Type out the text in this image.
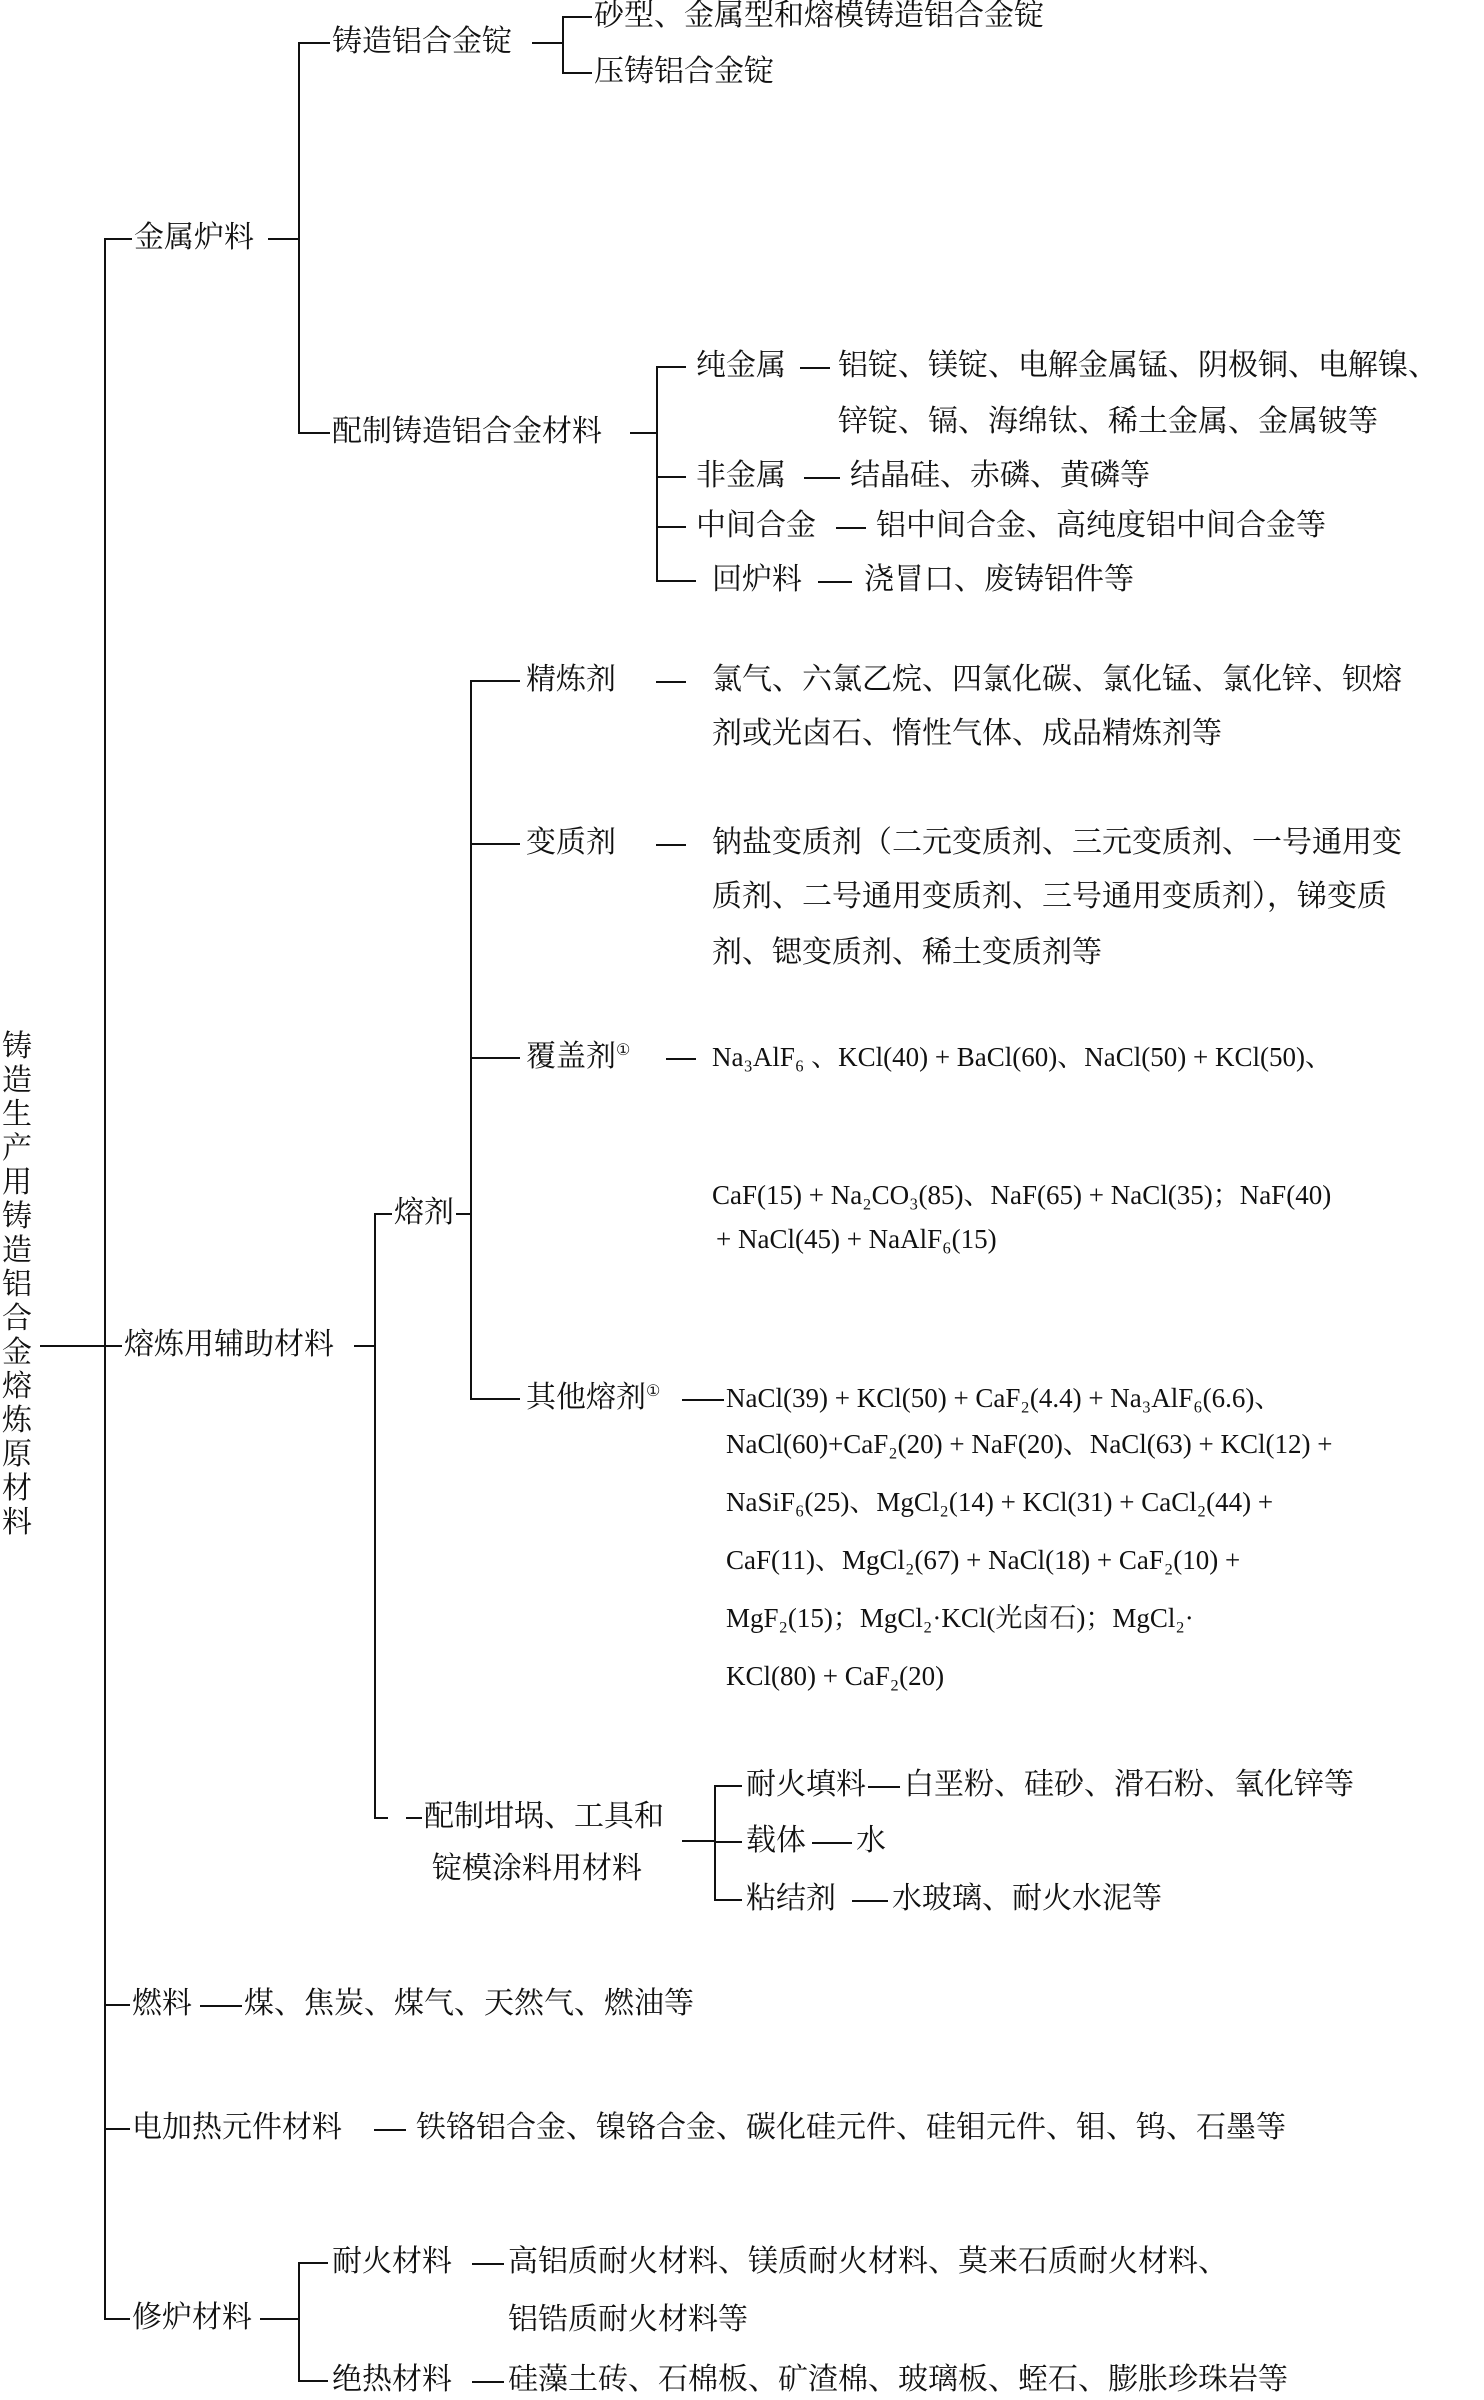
铸
造
生
产
用
铸
造
铝
合
金
熔
炼
原
材
料
金属炉料
铸造铝合金锭
砂型、金属型和熔模铸造铝合金锭
压铸铝合金锭
配制铸造铝合金材料
纯金属 铝锭、镁锭、电解金属锰、阴极铜、电解镍、
锌锭、镉、海绵钛、稀土金属、金属铍等
非金属 结晶硅、赤磷、黄磷等
中间合金 铝中间合金、高纯度铝中间合金等
回炉料 浇冒口、废铸铝件等
熔炼用辅助材料
熔剂
精炼剂	氯气、六氯乙烷、四氯化碳、氯化锰、氯化锌、钡熔
剂或光卤石、惰性气体、成品精炼剂等
变质剂	钠盐变质剂（二元变质剂、三元变质剂、一号通用变
质剂、二号通用变质剂、三号通用变质剂），锑变质
剂、锶变质剂、稀土变质剂等
覆盖剂①	Na₃AlF₆ 、KCl(40) + BaCl(60)、NaCl(50) + KCl(50)、
CaF(15) + Na₂CO₃(85)、NaF(65) + NaCl(35)；NaF(40)
+ NaCl(45) + NaAlF₆(15)
其他熔剂① NaCl(39) + KCl(50) + CaF₂(4.4) + Na₃AlF₆(6.6)、
NaCl(60)+CaF₂(20) + NaF(20)、NaCl(63) + KCl(12) +
NaSiF₆(25)、MgCl₂(14) + KCl(31) + CaCl₂(44) +
CaF(11)、MgCl₂(67) + NaCl(18) + CaF₂(10) +
MgF₂(15)；MgCl₂·KCl(光卤石)；MgCl₂·
KCl(80) + CaF₂(20)
配制坩埚、工具和
锭模涂料用材料
耐火填料 白垩粉、硅砂、滑石粉、氧化锌等
载体 水
粘结剂 水玻璃、耐火水泥等
燃料 煤、焦炭、煤气、天然气、燃油等
电加热元件材料 铁铬铝合金、镍铬合金、碳化硅元件、硅钼元件、钼、钨、石墨等
修炉材料
耐火材料 高铝质耐火材料、镁质耐火材料、莫来石质耐火材料、
铝锆质耐火材料等
绝热材料 硅藻土砖、石棉板、矿渣棉、玻璃板、蛭石、膨胀珍珠岩等
